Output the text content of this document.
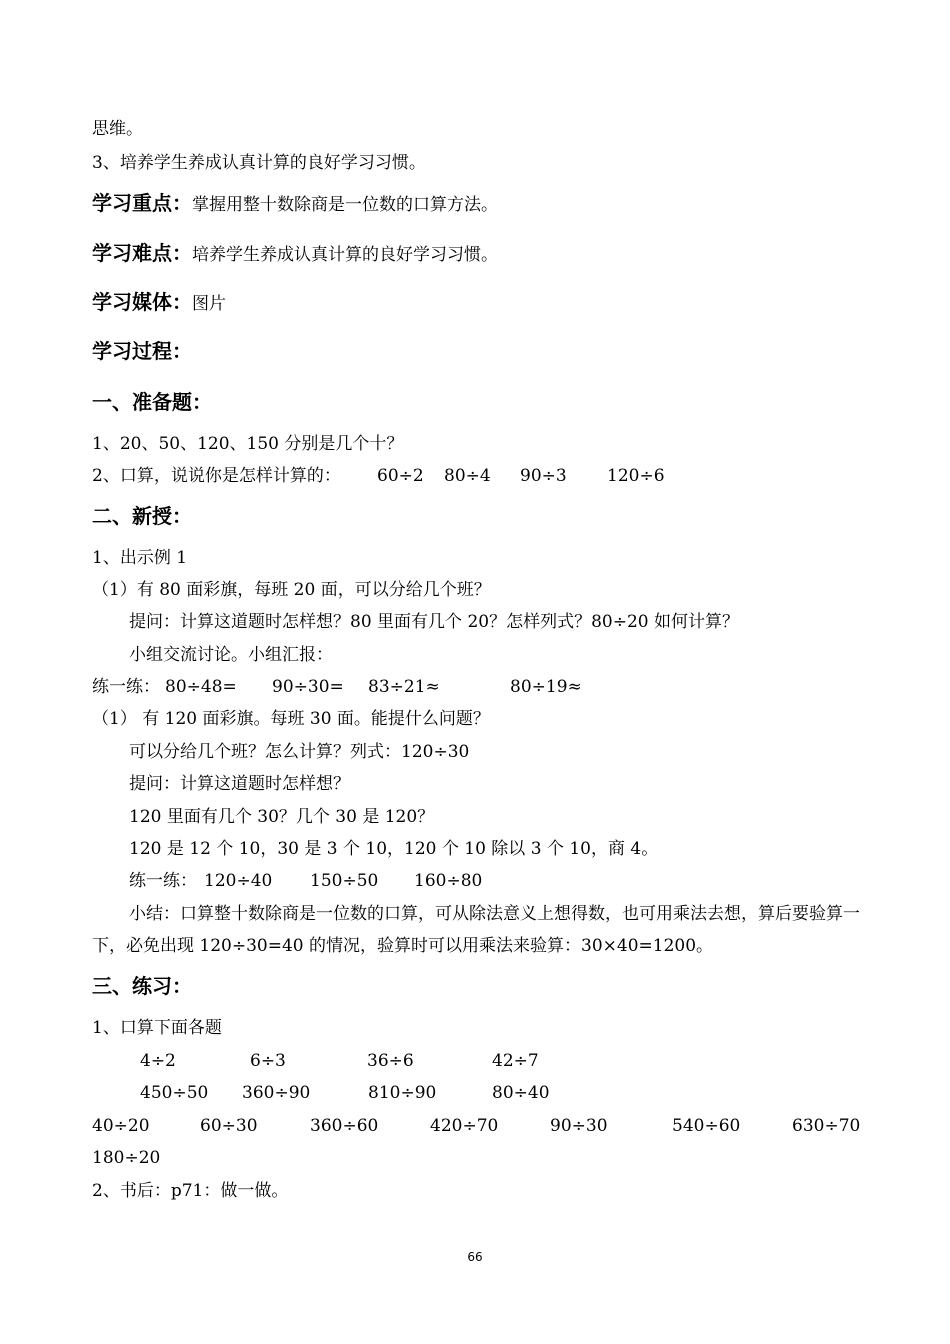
思维。
3、培养学生养成认真计算的良好学习习惯。
学习重点：掌握用整十数除商是一位数的口算方法。
学习难点：培养学生养成认真计算的良好学习习惯。
学习媒体：图片
学习过程：
一、准备题：
1、20、50、120、150 分别是几个十？
2、口算，说说你是怎样计算的： 60÷2 80÷4 90÷3 120÷6
二、新授：
1、出示例 1
（1）有 80 面彩旗，每班 20 面，可以分给几个班？
提问：计算这道题时怎样想？80 里面有几个 20？怎样列式？80÷20 如何计算？
小组交流讨论。小组汇报：
练一练： 80÷48= 90÷30= 83÷21≈	80÷19≈
（1） 有 120 面彩旗。每班 30 面。能提什么问题？
可以分给几个班？怎么计算？列式：120÷30
提问：计算这道题时怎样想？
120 里面有几个 30？几个 30 是 120？
120 是 12 个 10，30 是 3 个 10，120 个 10 除以 3 个 10，商 4。
练一练： 120÷40 150÷50 160÷80
小结：口算整十数除商是一位数的口算，可从除法意义上想得数，也可用乘法去想，算后要验算一下，必免出现 120÷30=40 的情况，验算时可以用乘法来验算：30×40=1200。
三、练习：
1、口算下面各题
4÷2	6÷3	36÷6	42÷7
450÷50 360÷90	810÷90	80÷40
40÷20	60÷30	360÷60	420÷70	90÷30	540÷60	630÷70
180÷20
2、书后：p71：做一做。
66
